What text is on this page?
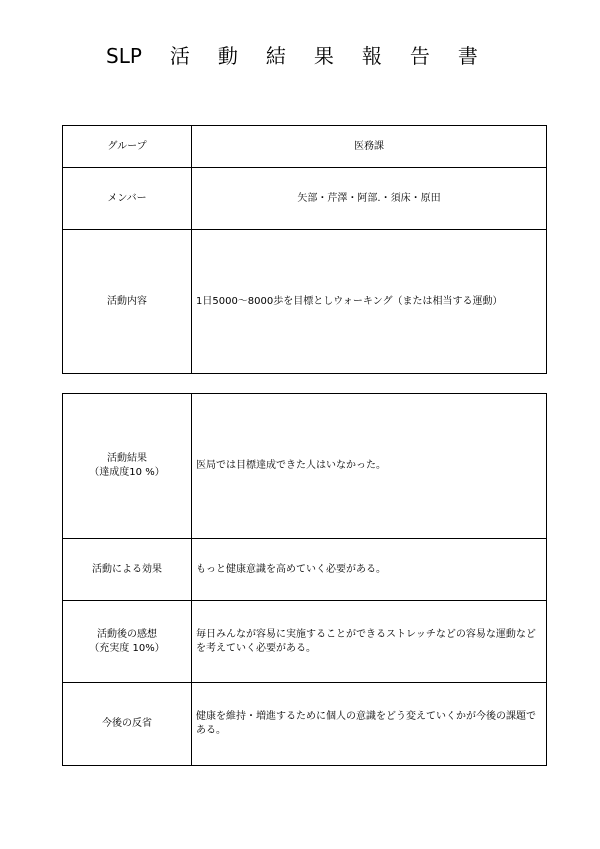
SLP 活 動 結 果 報 告 書
グループ	医務課
メンバー	矢部・芹澤・阿部.・須床・原田
活動内容	1日5000～8000歩を目標としウォーキング（または相当する運動）
活動結果
（達成度10 %）	医局では目標達成できた人はいなかった。
活動による効果	もっと健康意識を高めていく必要がある。

活動後の感想
（充実度 10%）	毎日みんなが容易に実施することができるストレッチなどの容易な運動などを考えていく必要がある。
今後の反省	健康を維持・増進するために個人の意識をどう変えていくかが今後の課題である。
